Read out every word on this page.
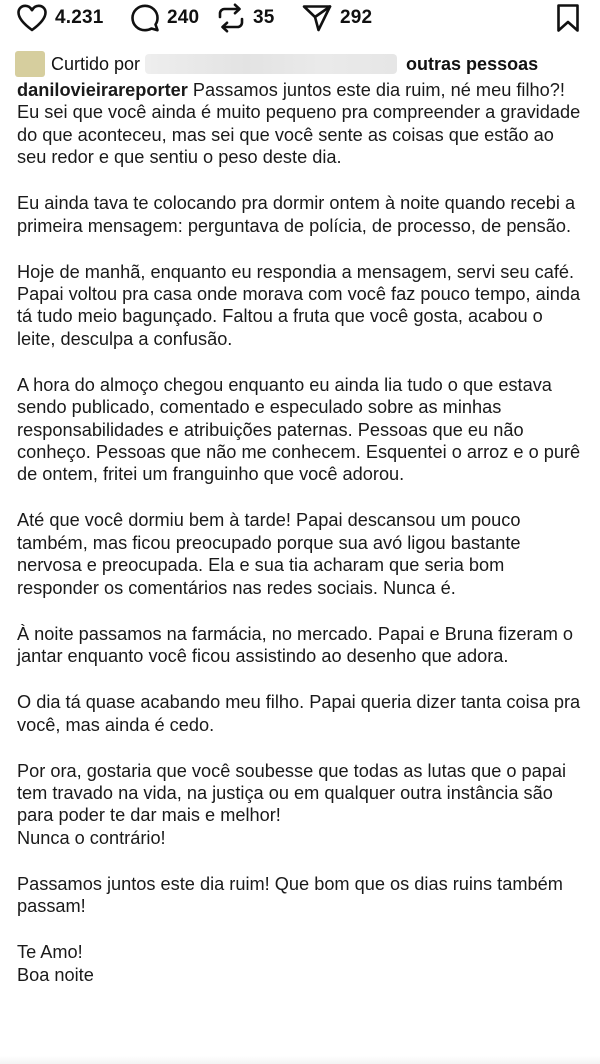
4.231	240	35	292
Curtido por	outras pessoas

danilovieirareporter Passamos juntos este dia ruim, né meu filho?! Eu sei que você ainda é muito pequeno pra compreender a gravidade do que aconteceu, mas sei que você sente as coisas que estão ao seu redor e que sentiu o peso deste dia.

Eu ainda tava te colocando pra dormir ontem à noite quando recebi a primeira mensagem: perguntava de polícia, de processo, de pensão.

Hoje de manhã, enquanto eu respondia a mensagem, servi seu café. Papai voltou pra casa onde morava com você faz pouco tempo, ainda tá tudo meio bagunçado. Faltou a fruta que você gosta, acabou o leite, desculpa a confusão.

A hora do almoço chegou enquanto eu ainda lia tudo o que estava sendo publicado, comentado e especulado sobre as minhas responsabilidades e atribuições paternas. Pessoas que eu não conheço. Pessoas que não me conhecem. Esquentei o arroz e o purê de ontem, fritei um franguinho que você adorou.

Até que você dormiu bem à tarde! Papai descansou um pouco também, mas ficou preocupado porque sua avó ligou bastante nervosa e preocupada. Ela e sua tia acharam que seria bom responder os comentários nas redes sociais. Nunca é.

À noite passamos na farmácia, no mercado. Papai e Bruna fizeram o jantar enquanto você ficou assistindo ao desenho que adora.

O dia tá quase acabando meu filho. Papai queria dizer tanta coisa pra você, mas ainda é cedo.

Por ora, gostaria que você soubesse que todas as lutas que o papai tem travado na vida, na justiça ou em qualquer outra instância são para poder te dar mais e melhor!
Nunca o contrário!

Passamos juntos este dia ruim! Que bom que os dias ruins também passam!

Te Amo!
Boa noite
